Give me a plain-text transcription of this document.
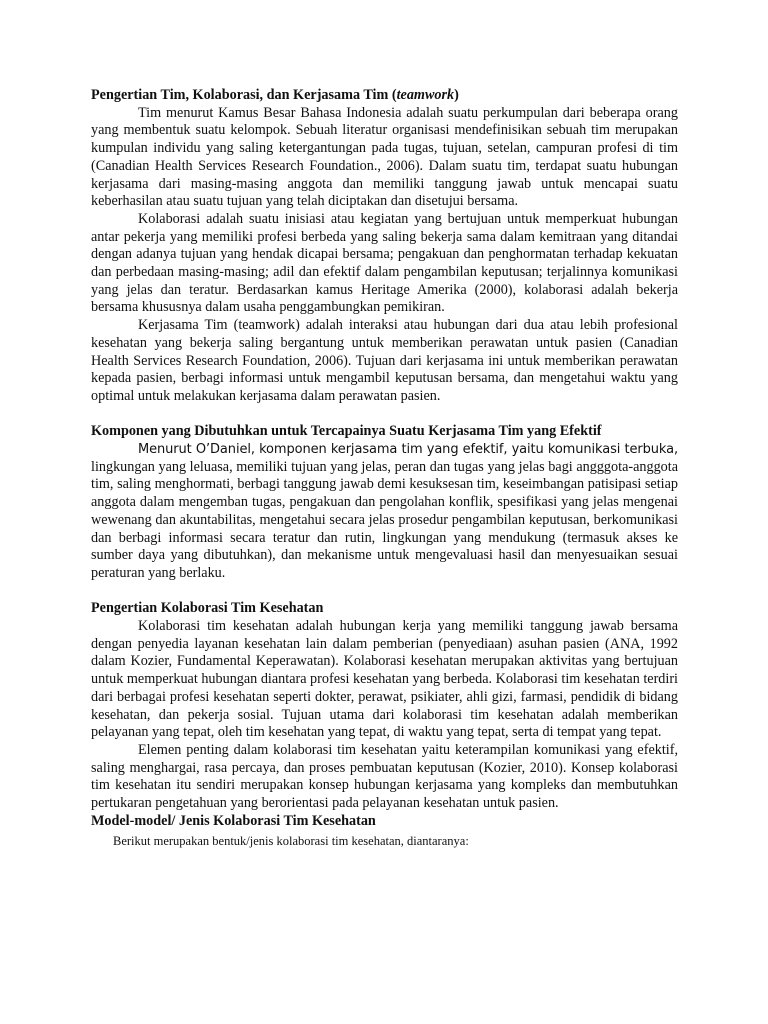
Pengertian Tim, Kolaborasi, dan Kerjasama Tim (teamwork)

Tim menurut Kamus Besar Bahasa Indonesia adalah suatu perkumpulan dari beberapa orang yang membentuk suatu kelompok. Sebuah literatur organisasi mendefinisikan sebuah tim merupakan kumpulan individu yang saling ketergantungan pada tugas, tujuan, setelan, campuran profesi di tim (Canadian Health Services Research Foundation., 2006). Dalam suatu tim, terdapat suatu hubungan kerjasama dari masing-masing anggota dan memiliki tanggung jawab untuk mencapai suatu keberhasilan atau suatu tujuan yang telah diciptakan dan disetujui bersama.

Kolaborasi adalah suatu inisiasi atau kegiatan yang bertujuan untuk memperkuat hubungan antar pekerja yang memiliki profesi berbeda yang saling bekerja sama dalam kemitraan yang ditandai dengan adanya tujuan yang hendak dicapai bersama; pengakuan dan penghormatan terhadap kekuatan dan perbedaan masing-masing; adil dan efektif dalam pengambilan keputusan; terjalinnya komunikasi yang jelas dan teratur. Berdasarkan kamus Heritage Amerika (2000), kolaborasi adalah bekerja bersama khususnya dalam usaha penggambungkan pemikiran.

Kerjasama Tim (teamwork) adalah interaksi atau hubungan dari dua atau lebih profesional kesehatan yang bekerja saling bergantung untuk memberikan perawatan untuk pasien (Canadian Health Services Research Foundation, 2006). Tujuan dari kerjasama ini untuk memberikan perawatan kepada pasien, berbagi informasi untuk mengambil keputusan bersama, dan mengetahui waktu yang optimal untuk melakukan kerjasama dalam perawatan pasien.

Komponen yang Dibutuhkan untuk Tercapainya Suatu Kerjasama Tim yang Efektif

Menurut O’Daniel, komponen kerjasama tim yang efektif, yaitu komunikasi terbuka, lingkungan yang leluasa, memiliki tujuan yang jelas, peran dan tugas yang jelas bagi angggota-anggota tim, saling menghormati, berbagi tanggung jawab demi kesuksesan tim, keseimbangan patisipasi setiap anggota dalam mengemban tugas, pengakuan dan pengolahan konflik, spesifikasi yang jelas mengenai wewenang dan akuntabilitas, mengetahui secara jelas prosedur pengambilan keputusan, berkomunikasi dan berbagi informasi secara teratur dan rutin, lingkungan yang mendukung (termasuk akses ke sumber daya yang dibutuhkan), dan mekanisme untuk mengevaluasi hasil dan menyesuaikan sesuai peraturan yang berlaku.

Pengertian Kolaborasi Tim Kesehatan

Kolaborasi tim kesehatan adalah hubungan kerja yang memiliki tanggung jawab bersama dengan penyedia layanan kesehatan lain dalam pemberian (penyediaan) asuhan pasien (ANA, 1992 dalam Kozier, Fundamental Keperawatan). Kolaborasi kesehatan merupakan aktivitas yang bertujuan untuk memperkuat hubungan diantara profesi kesehatan yang berbeda. Kolaborasi tim kesehatan terdiri dari berbagai profesi kesehatan seperti dokter, perawat, psikiater, ahli gizi, farmasi, pendidik di bidang kesehatan, dan pekerja sosial. Tujuan utama dari kolaborasi tim kesehatan adalah memberikan pelayanan yang tepat, oleh tim kesehatan yang tepat, di waktu yang tepat, serta di tempat yang tepat.

Elemen penting dalam kolaborasi tim kesehatan yaitu keterampilan komunikasi yang efektif, saling menghargai, rasa percaya, dan proses pembuatan keputusan (Kozier, 2010). Konsep kolaborasi tim kesehatan itu sendiri merupakan konsep hubungan kerjasama yang kompleks dan membutuhkan pertukaran pengetahuan yang berorientasi pada pelayanan kesehatan untuk pasien.

Model-model/ Jenis Kolaborasi Tim Kesehatan

Berikut merupakan bentuk/jenis kolaborasi tim kesehatan, diantaranya:
